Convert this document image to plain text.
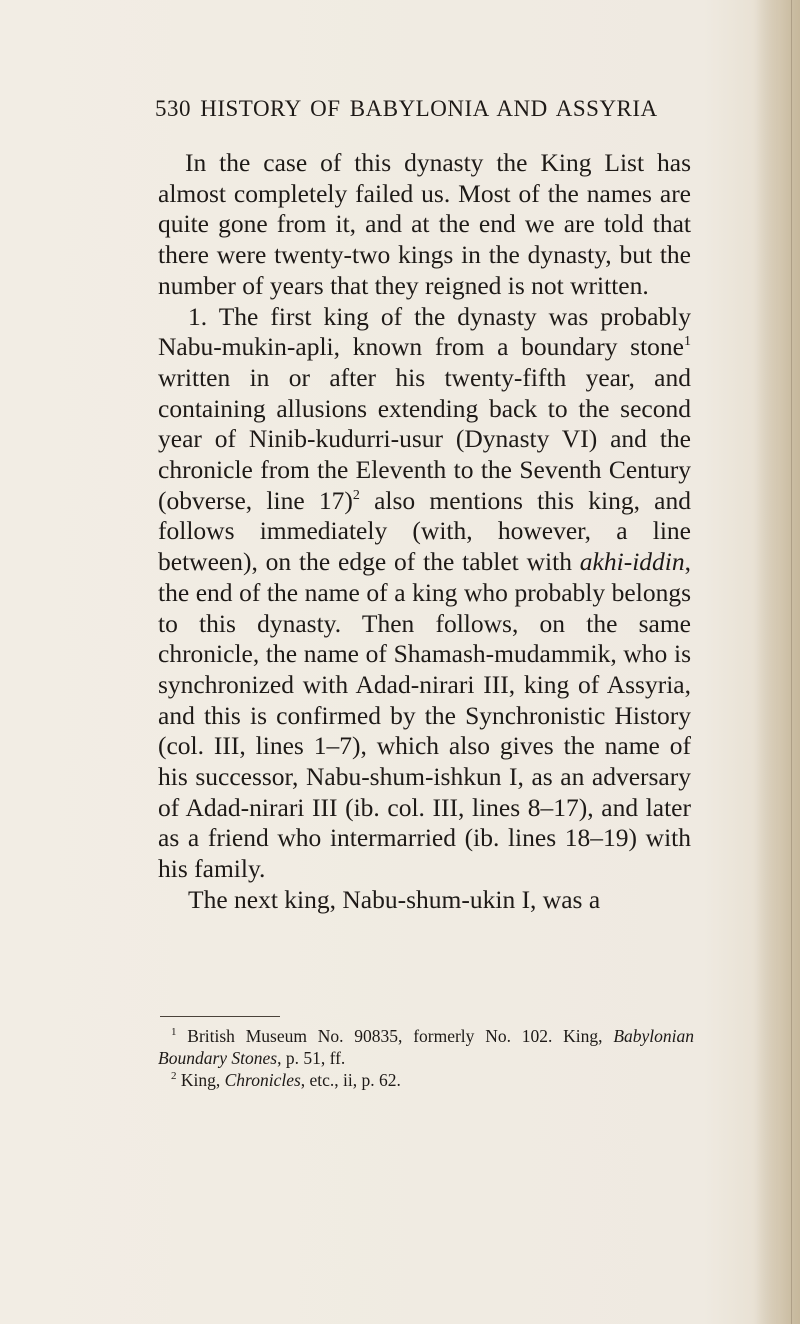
530 HISTORY OF BABYLONIA AND ASSYRIA

In the case of this dynasty the King List has almost completely failed us. Most of the names are quite gone from it, and at the end we are told that there were twenty-two kings in the dynasty, but the number of years that they reigned is not written.

1. The first king of the dynasty was probably Nabu-mukin-apli, known from a boundary stone$^1$ written in or after his twenty-fifth year, and containing allusions extending back to the second year of Ninib-kudurri-usur (Dynasty VI) and the chronicle from the Eleventh to the Seventh Century (obverse, line 17)$^2$ also mentions this king, and follows immediately (with, however, a line between), on the edge of the tablet with akhi-iddin, the end of the name of a king who probably belongs to this dynasty. Then follows, on the same chronicle, the name of Shamash-mudammik, who is synchronized with Adad-nirari III, king of Assyria, and this is confirmed by the Synchronistic History (col. III, lines 1–7), which also gives the name of his successor, Nabu-shum-ishkun I, as an adversary of Adad-nirari III (ib. col. III, lines 8–17), and later as a friend who intermarried (ib. lines 18–19) with his family.

The next king, Nabu-shum-ukin I, was a

$^1$ British Museum No. 90835, formerly No. 102. King, Babylonian Boundary Stones, p. 51, ff.

$^2$ King, Chronicles, etc., ii, p. 62.
